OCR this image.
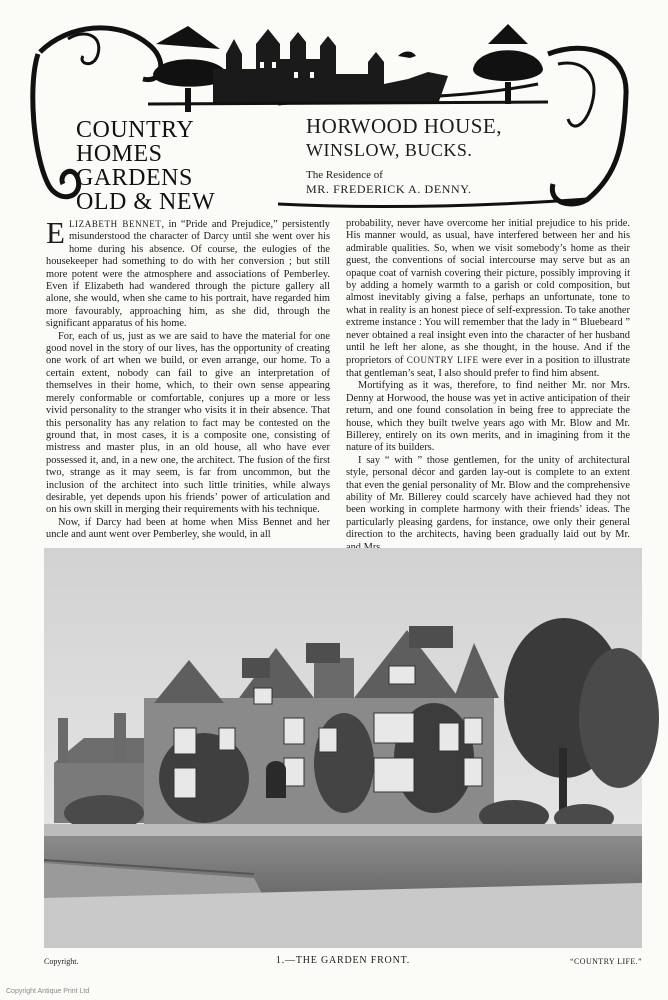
COUNTRY
HOMES
GARDENS
OLD & NEW
HORWOOD HOUSE,
WINSLOW, BUCKS.
The Residence of
MR. FREDERICK A. DENNY.

ELIZABETH BENNET, in “Pride and Prejudice,” persistently misunderstood the character of Darcy until she went over his home during his absence. Of course, the eulogies of the housekeeper had something to do with her conversion ; but still more potent were the atmosphere and associations of Pemberley. Even if Elizabeth had wandered through the picture gallery all alone, she would, when she came to his portrait, have regarded him more favourably, approaching him, as she did, through the significant apparatus of his home.

For, each of us, just as we are said to have the material for one good novel in the story of our lives, has the opportunity of creating one work of art when we build, or even arrange, our home. To a certain extent, nobody can fail to give an interpretation of themselves in their home, which, to their own sense appearing merely conformable or comfortable, conjures up a more or less vivid personality to the stranger who visits it in their absence. That this personality has any relation to fact may be contested on the ground that, in most cases, it is a composite one, consisting of mistress and master plus, in an old house, all who have ever possessed it, and, in a new one, the architect. The fusion of the first two, strange as it may seem, is far from uncommon, but the inclusion of the architect into such little trinities, while always desirable, yet depends upon his friends’ power of articulation and on his own skill in merging their requirements with his technique.

Now, if Darcy had been at home when Miss Bennet and her uncle and aunt went over Pemberley, she would, in all

probability, never have overcome her initial prejudice to his pride. His manner would, as usual, have interfered between her and his admirable qualities. So, when we visit somebody’s home as their guest, the conventions of social intercourse may serve but as an opaque coat of varnish covering their picture, possibly improving it by adding a homely warmth to a garish or cold composition, but almost inevitably giving a false, perhaps an unfortunate, tone to what in reality is an honest piece of self-expression. To take another extreme instance : You will remember that the lady in “ Bluebeard ” never obtained a real insight even into the character of her husband until he left her alone, as she thought, in the house. And if the proprietors of COUNTRY LIFE were ever in a position to illustrate that gentleman’s seat, I also should prefer to find him absent.

Mortifying as it was, therefore, to find neither Mr. nor Mrs. Denny at Horwood, the house was yet in active anticipation of their return, and one found consolation in being free to appreciate the house, which they built twelve years ago with Mr. Blow and Mr. Billerey, entirely on its own merits, and in imagining from it the nature of its builders.

I say “ with ” those gentlemen, for the unity of architectural style, personal décor and garden lay-out is complete to an extent that even the genial personality of Mr. Blow and the comprehensive ability of Mr. Billerey could scarcely have achieved had they not been working in complete harmony with their friends’ ideas. The particularly pleasing gardens, for instance, owe only their general direction to the architects, having been gradually laid out by Mr.

Copyright.	1.—THE GARDEN FRONT.	“COUNTRY LIFE.”
Copyright Antique Print Ltd
